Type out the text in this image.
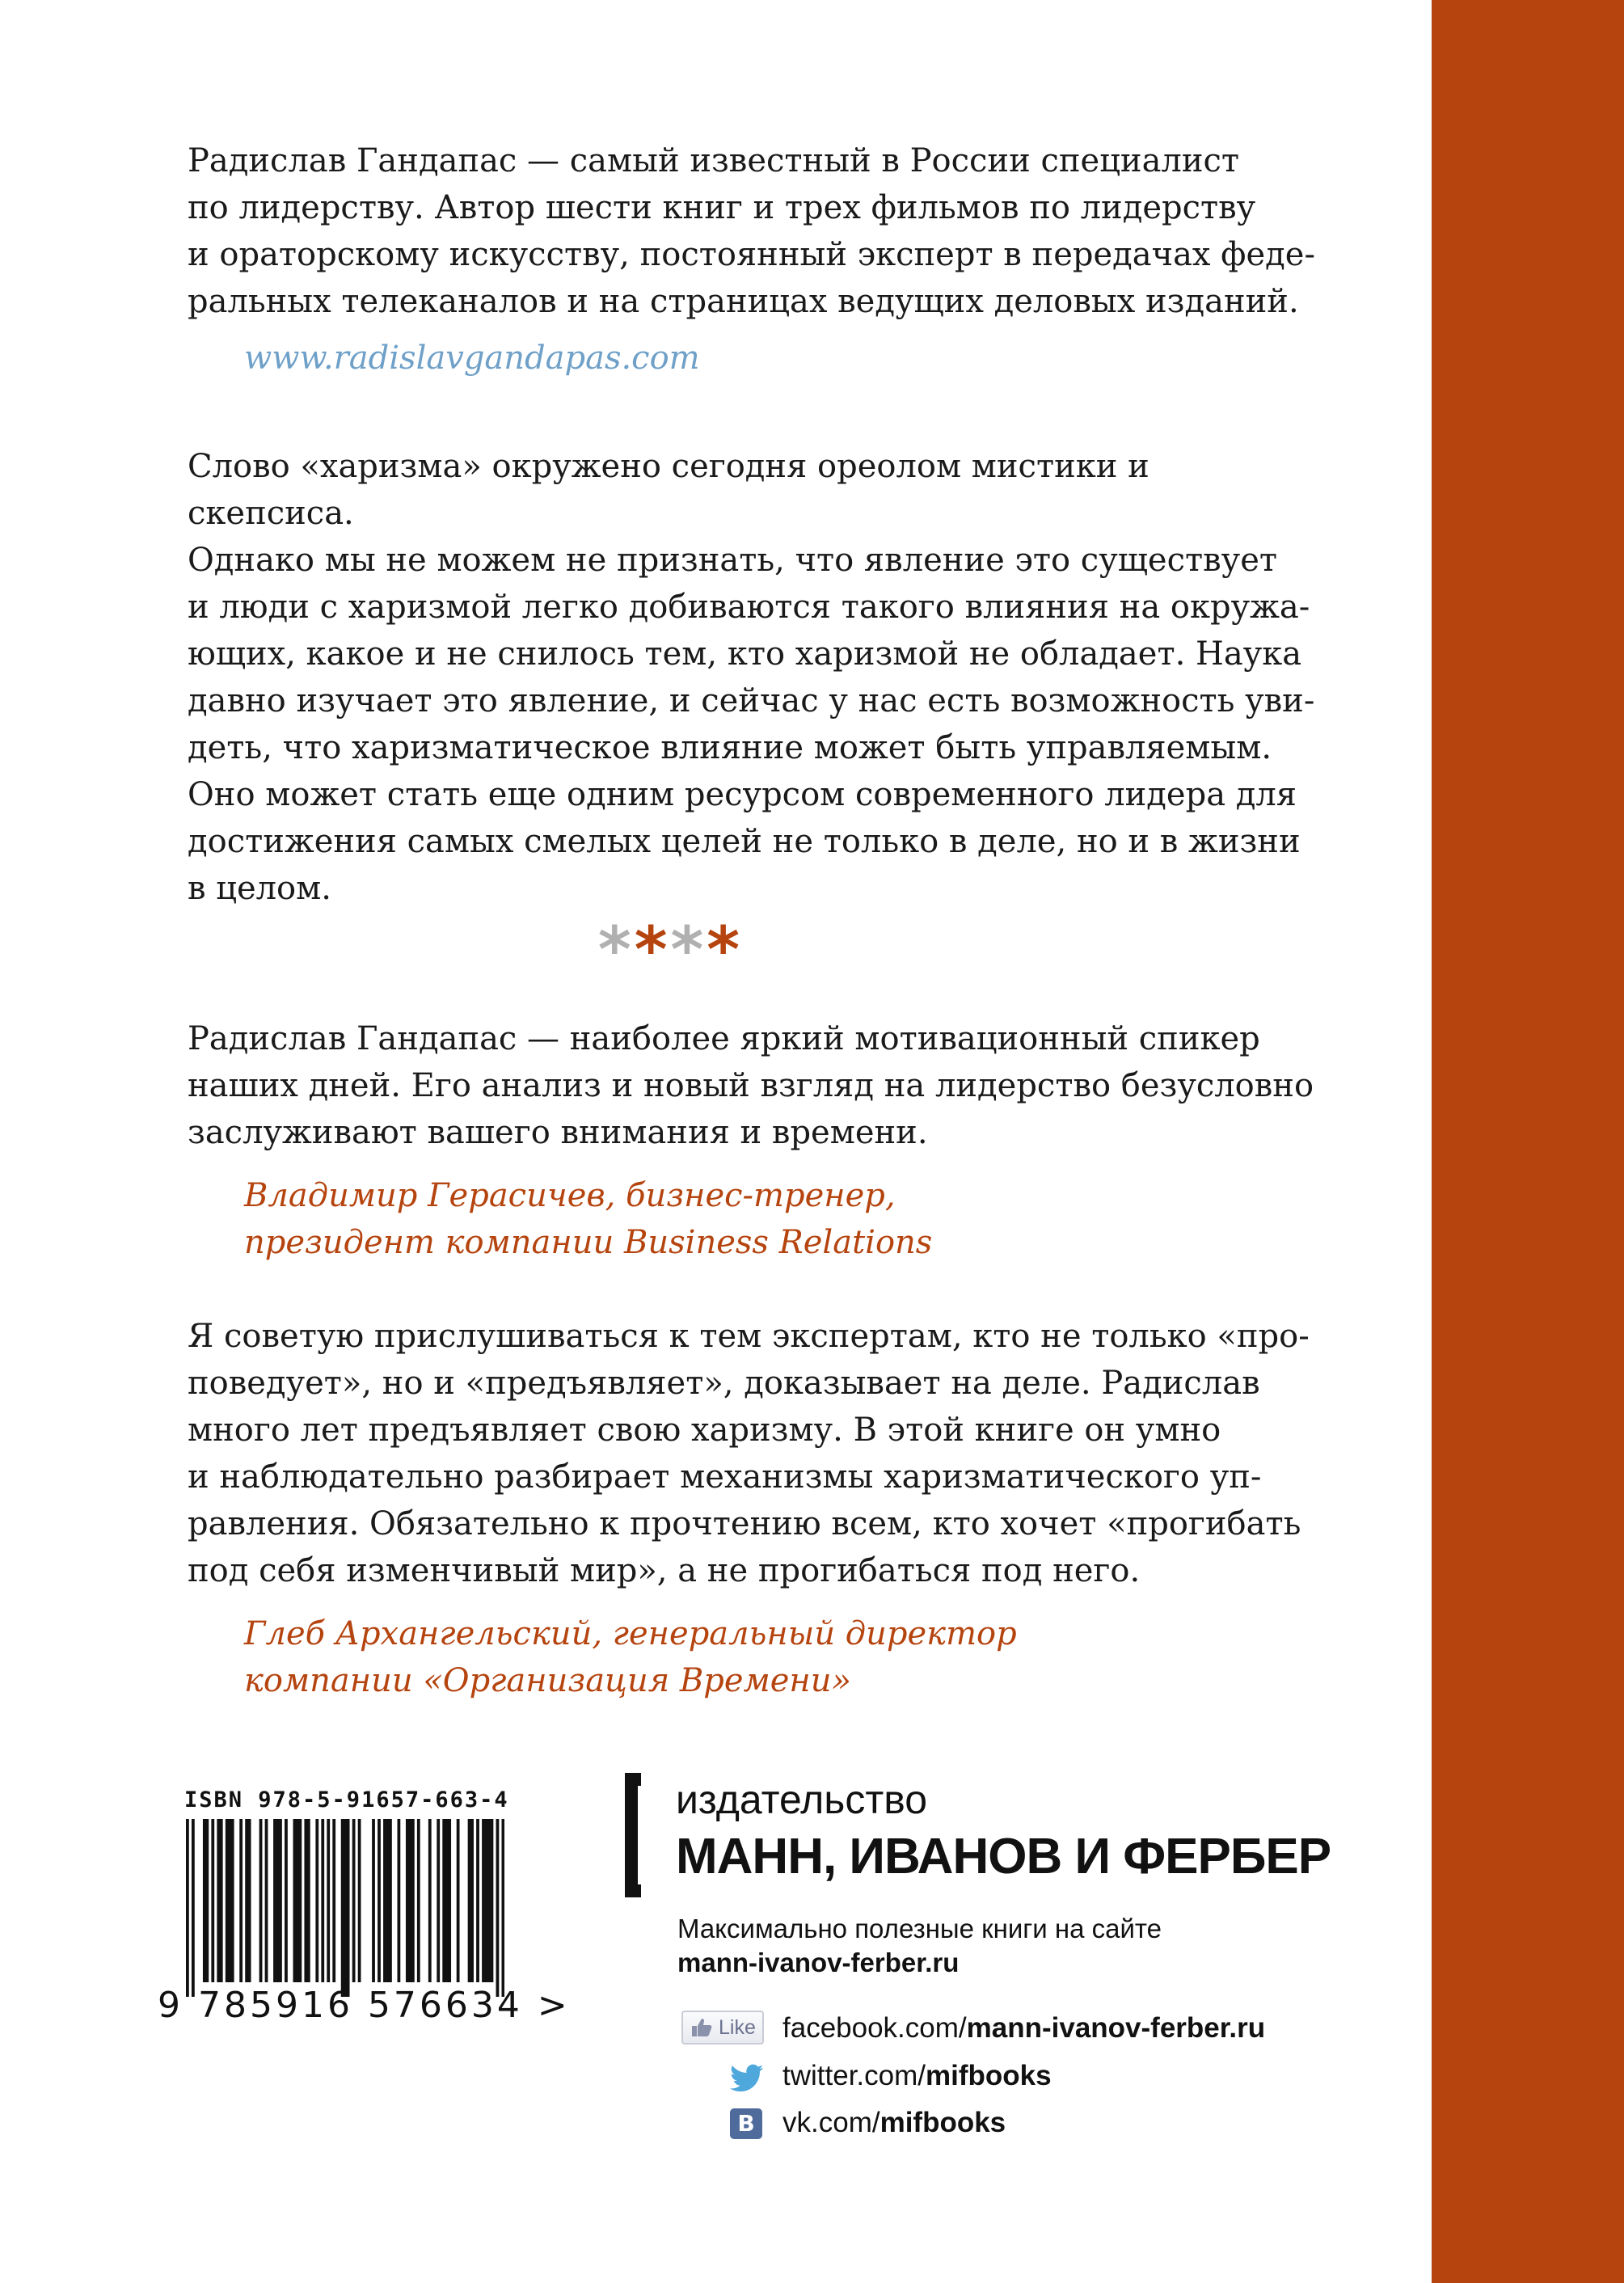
Радислав Гандапас — самый известный в России специалист
по лидерству. Автор шести книг и трех фильмов по лидерству
и ораторскому искусству, постоянный эксперт в передачах феде-
ральных телеканалов и на страницах ведущих деловых изданий.

www.radislavgandapas.com

Слово «харизма» окружено сегодня ореолом мистики и скепсиса.
Однако мы не можем не признать, что явление это существует
и люди с харизмой легко добиваются такого влияния на окружа-
ющих, какое и не снилось тем, кто харизмой не обладает. Наука
давно изучает это явление, и сейчас у нас есть возможность уви-
деть, что харизматическое влияние может быть управляемым.
Оно может стать еще одним ресурсом современного лидера для
достижения самых смелых целей не только в деле, но и в жизни
в целом.

****

Радислав Гандапас — наиболее яркий мотивационный спикер
наших дней. Его анализ и новый взгляд на лидерство безусловно
заслуживают вашего внимания и времени.

Владимир Герасичев, бизнес-тренер,
президент компании Business Relations

Я советую прислушиваться к тем экспертам, кто не только «про-
поведует», но и «предъявляет», доказывает на деле. Радислав
много лет предъявляет свою харизму. В этой книге он умно
и наблюдательно разбирает механизмы харизматического уп-
равления. Обязательно к прочтению всем, кто хочет «прогибать
под себя изменчивый мир», а не прогибаться под него.

Глеб Архангельский, генеральный директор
компании «Организация Времени»
ISBN 978-5-91657-663-4
9 785916 576634 >
издательство
МАНН, ИВАНОВ И ФЕРБЕР
Максимально полезные книги на сайте
mann-ivanov-ferber.ru
Like facebook.com/mann-ivanov-ferber.ru
twitter.com/mifbooks
В vk.com/mifbooks
